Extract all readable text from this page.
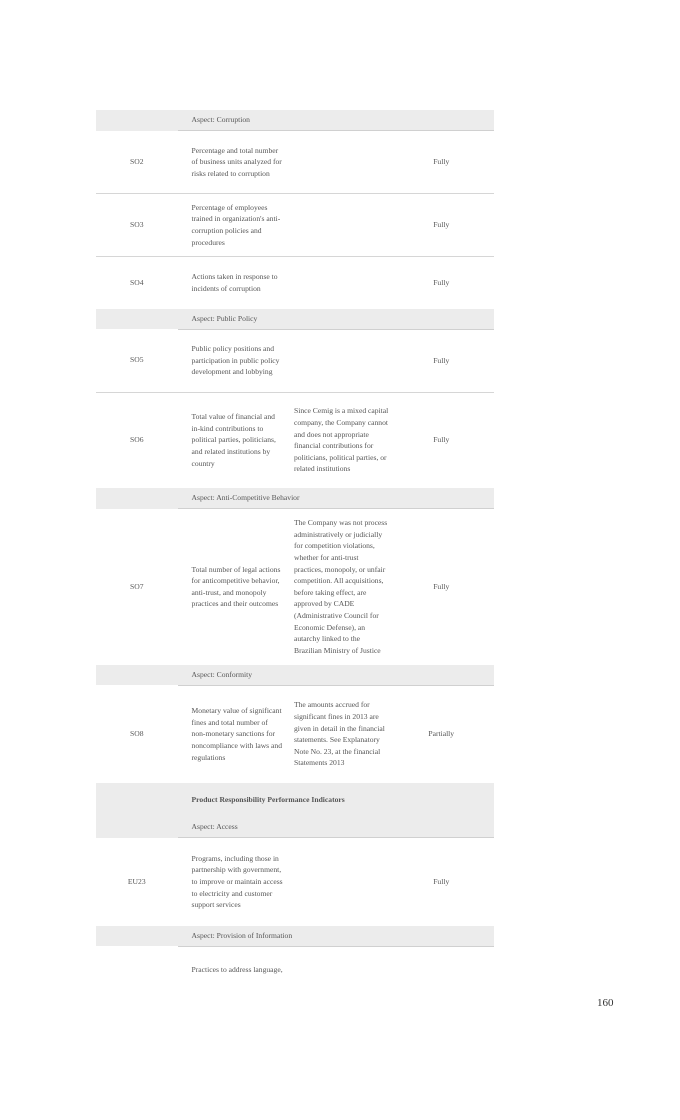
	Aspect: Corruption		
SO2	Percentage and total number of business units analyzed for risks related to corruption		Fully
SO3	Percentage of employees trained in organization's anti-corruption policies and procedures		Fully
SO4	Actions taken in response to incidents of corruption		Fully
	Aspect: Public Policy		
SO5	Public policy positions and participation in public policy development and lobbying		Fully
SO6	Total value of financial and in-kind contributions to political parties, politicians, and related institutions by country	Since Cemig is a mixed capital company, the Company cannot and does not appropriate financial contributions for politicians, political parties, or related institutions	Fully
	Aspect: Anti-Competitive Behavior		
SO7	Total number of legal actions for anticompetitive behavior, anti-trust, and monopoly practices and their outcomes	The Company was not process administratively or judicially for competition violations, whether for anti-trust practices, monopoly, or unfair competition. All acquisitions, before taking effect, are approved by CADE (Administrative Council for Economic Defense), an autarchy linked to the Brazilian Ministry of Justice	Fully
	Aspect: Conformity		
SO8	Monetary value of significant fines and total number of non-monetary sanctions for noncompliance with laws and regulations	The amounts accrued for significant fines in 2013 are given in detail in the financial statements. See Explanatory Note No. 23, at the financial Statements 2013	Partially
	Product Responsibility Performance Indicators		
	Aspect: Access		
EU23	Programs, including those in partnership with government, to improve or maintain access to electricity and customer support services		Fully
	Aspect: Provision of Information		
	Practices to address language,		
160
